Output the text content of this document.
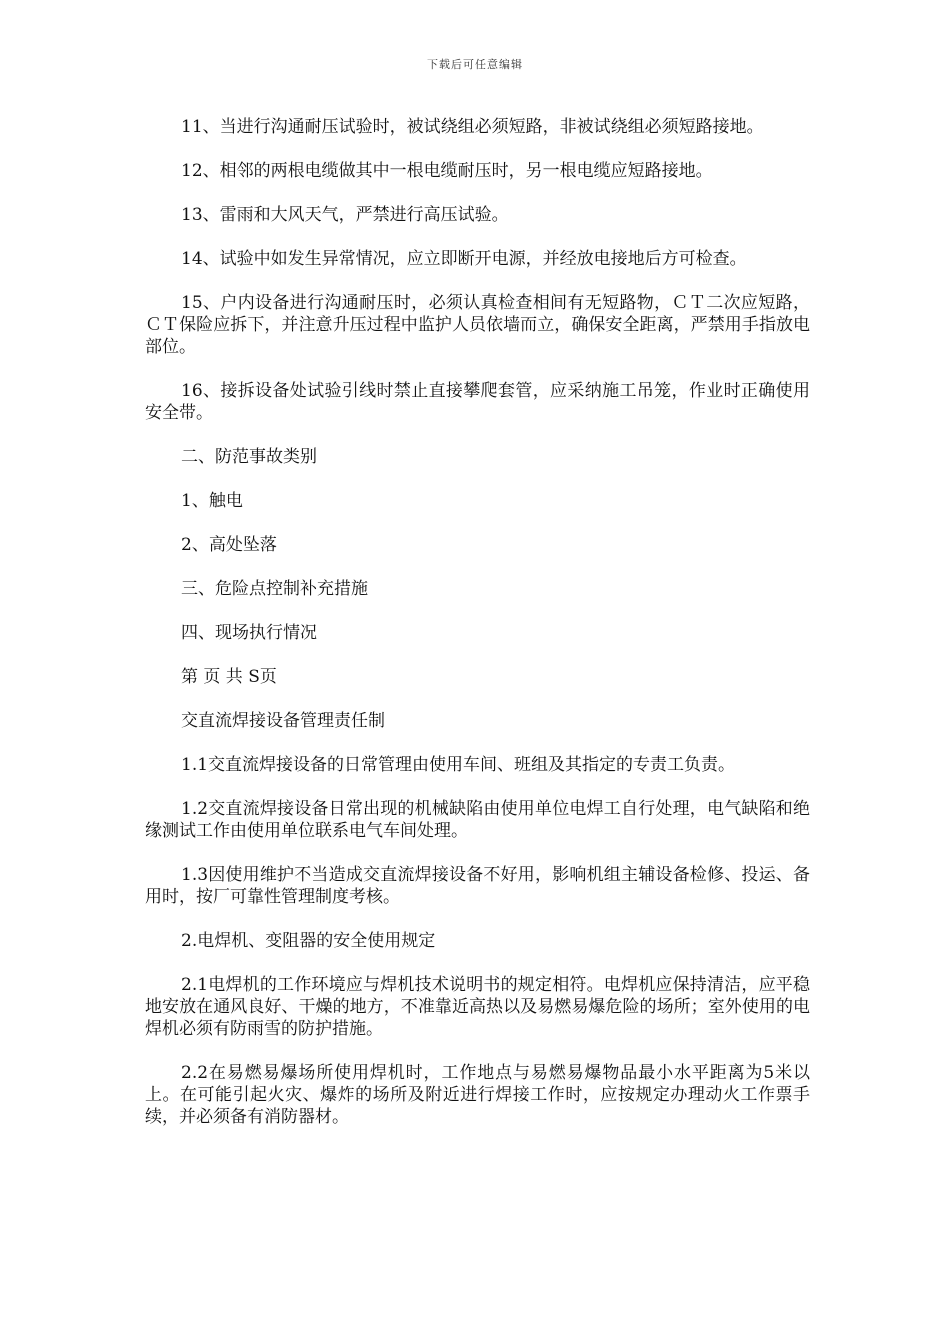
下载后可任意编辑

11、当进行沟通耐压试验时，被试绕组必须短路，非被试绕组必须短路接地。

12、相邻的两根电缆做其中一根电缆耐压时，另一根电缆应短路接地。

13、雷雨和大风天气，严禁进行高压试验。

14、试验中如发生异常情况，应立即断开电源，并经放电接地后方可检查。

15、户内设备进行沟通耐压时，必须认真检查相间有无短路物，ＣＴ二次应短路，ＣＴ保险应拆下，并注意升压过程中监护人员依墙而立，确保安全距离，严禁用手指放电部位。

16、接拆设备处试验引线时禁止直接攀爬套管，应采纳施工吊笼，作业时正确使用安全带。

二、防范事故类别

1、触电

2、高处坠落

三、危险点控制补充措施

四、现场执行情况

第 页 共 S页

交直流焊接设备管理责任制

1.1交直流焊接设备的日常管理由使用车间、班组及其指定的专责工负责。

1.2交直流焊接设备日常出现的机械缺陷由使用单位电焊工自行处理，电气缺陷和绝缘测试工作由使用单位联系电气车间处理。

1.3因使用维护不当造成交直流焊接设备不好用，影响机组主辅设备检修、投运、备用时，按厂可靠性管理制度考核。

2.电焊机、变阻器的安全使用规定

2.1电焊机的工作环境应与焊机技术说明书的规定相符。电焊机应保持清洁，应平稳地安放在通风良好、干燥的地方，不准靠近高热以及易燃易爆危险的场所；室外使用的电焊机必须有防雨雪的防护措施。

2.2在易燃易爆场所使用焊机时，工作地点与易燃易爆物品最小水平距离为5米以上。在可能引起火灾、爆炸的场所及附近进行焊接工作时，应按规定办理动火工作票手续，并必须备有消防器材。
